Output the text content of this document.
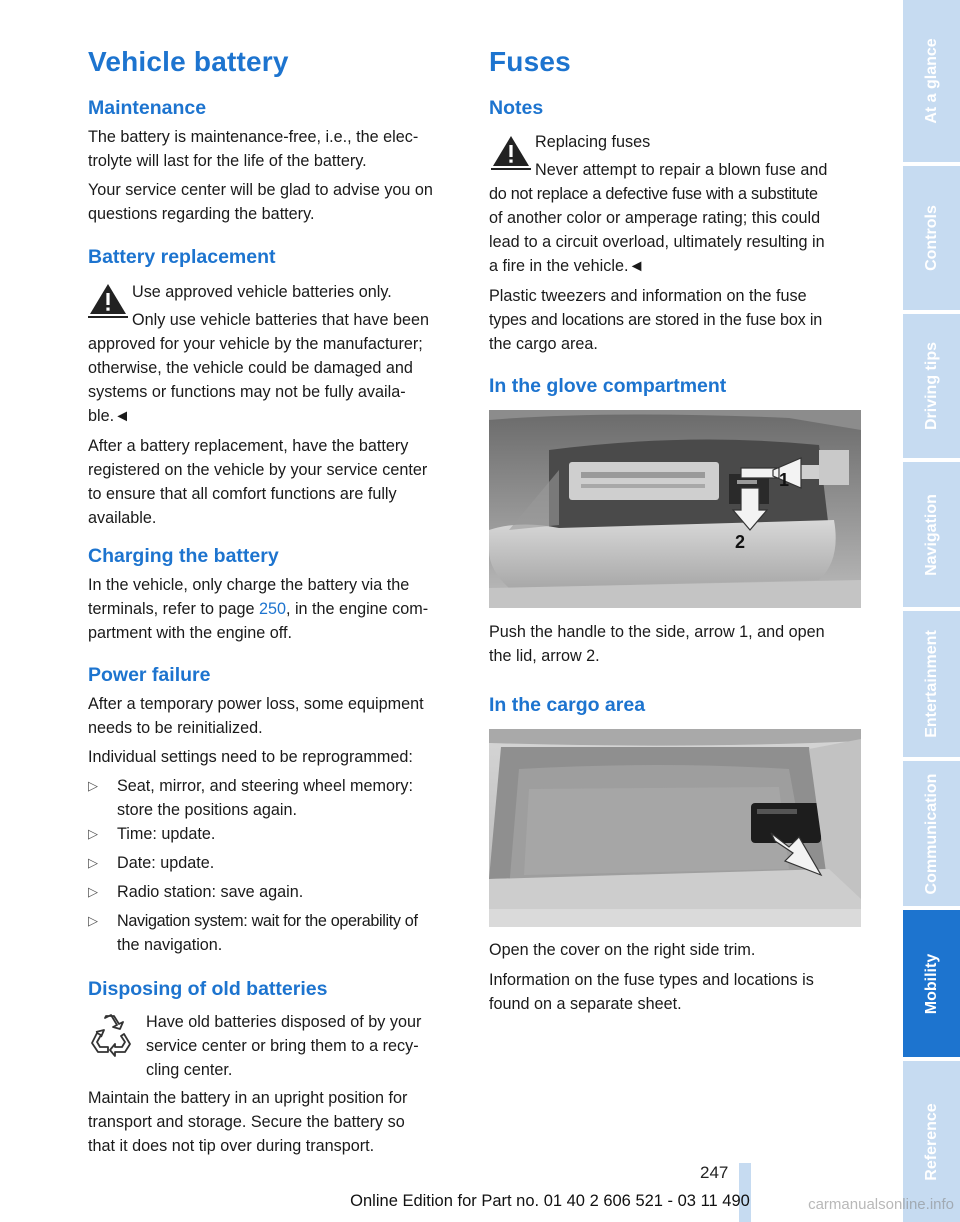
Vehicle battery
Maintenance

The battery is maintenance-free, i.e., the elec-

trolyte will last for the life of the battery.

Your service center will be glad to advise you on

questions regarding the battery.

Battery replacement

Use approved vehicle batteries only.

Only use vehicle batteries that have been

approved for your vehicle by the manufacturer;

otherwise, the vehicle could be damaged and

systems or functions may not be fully availa-

ble.◄

After a battery replacement, have the battery

registered on the vehicle by your service center

to ensure that all comfort functions are fully

available.

Charging the battery

In the vehicle, only charge the battery via the

terminals, refer to page 250, in the engine com-

partment with the engine off.

Power failure

After a temporary power loss, some equipment

needs to be reinitialized.

Individual settings need to be reprogrammed:

▷ Seat, mirror, and steering wheel memory:
store the positions again.
▷ Time: update.
▷ Date: update.
▷ Radio station: save again.
▷ Navigation system: wait for the operability of
the navigation.
Disposing of old batteries

Have old batteries disposed of by your

service center or bring them to a recy-

cling center.

Maintain the battery in an upright position for

transport and storage. Secure the battery so

that it does not tip over during transport.

Fuses
Notes

Replacing fuses

Never attempt to repair a blown fuse and

do not replace a defective fuse with a substitute

of another color or amperage rating; this could

lead to a circuit overload, ultimately resulting in

a fire in the vehicle.◄

Plastic tweezers and information on the fuse

types and locations are stored in the fuse box in

the cargo area.

In the glove compartment
1
2

Push the handle to the side, arrow 1, and open

the lid, arrow 2.

In the cargo area

Open the cover on the right side trim.

Information on the fuse types and locations is

found on a separate sheet.

At a glance
Controls
Driving tips
Navigation
Entertainment
Communication
Mobility
Reference
247
Online Edition for Part no. 01 40 2 606 521 - 03 11 490	carmanualsonline.info
